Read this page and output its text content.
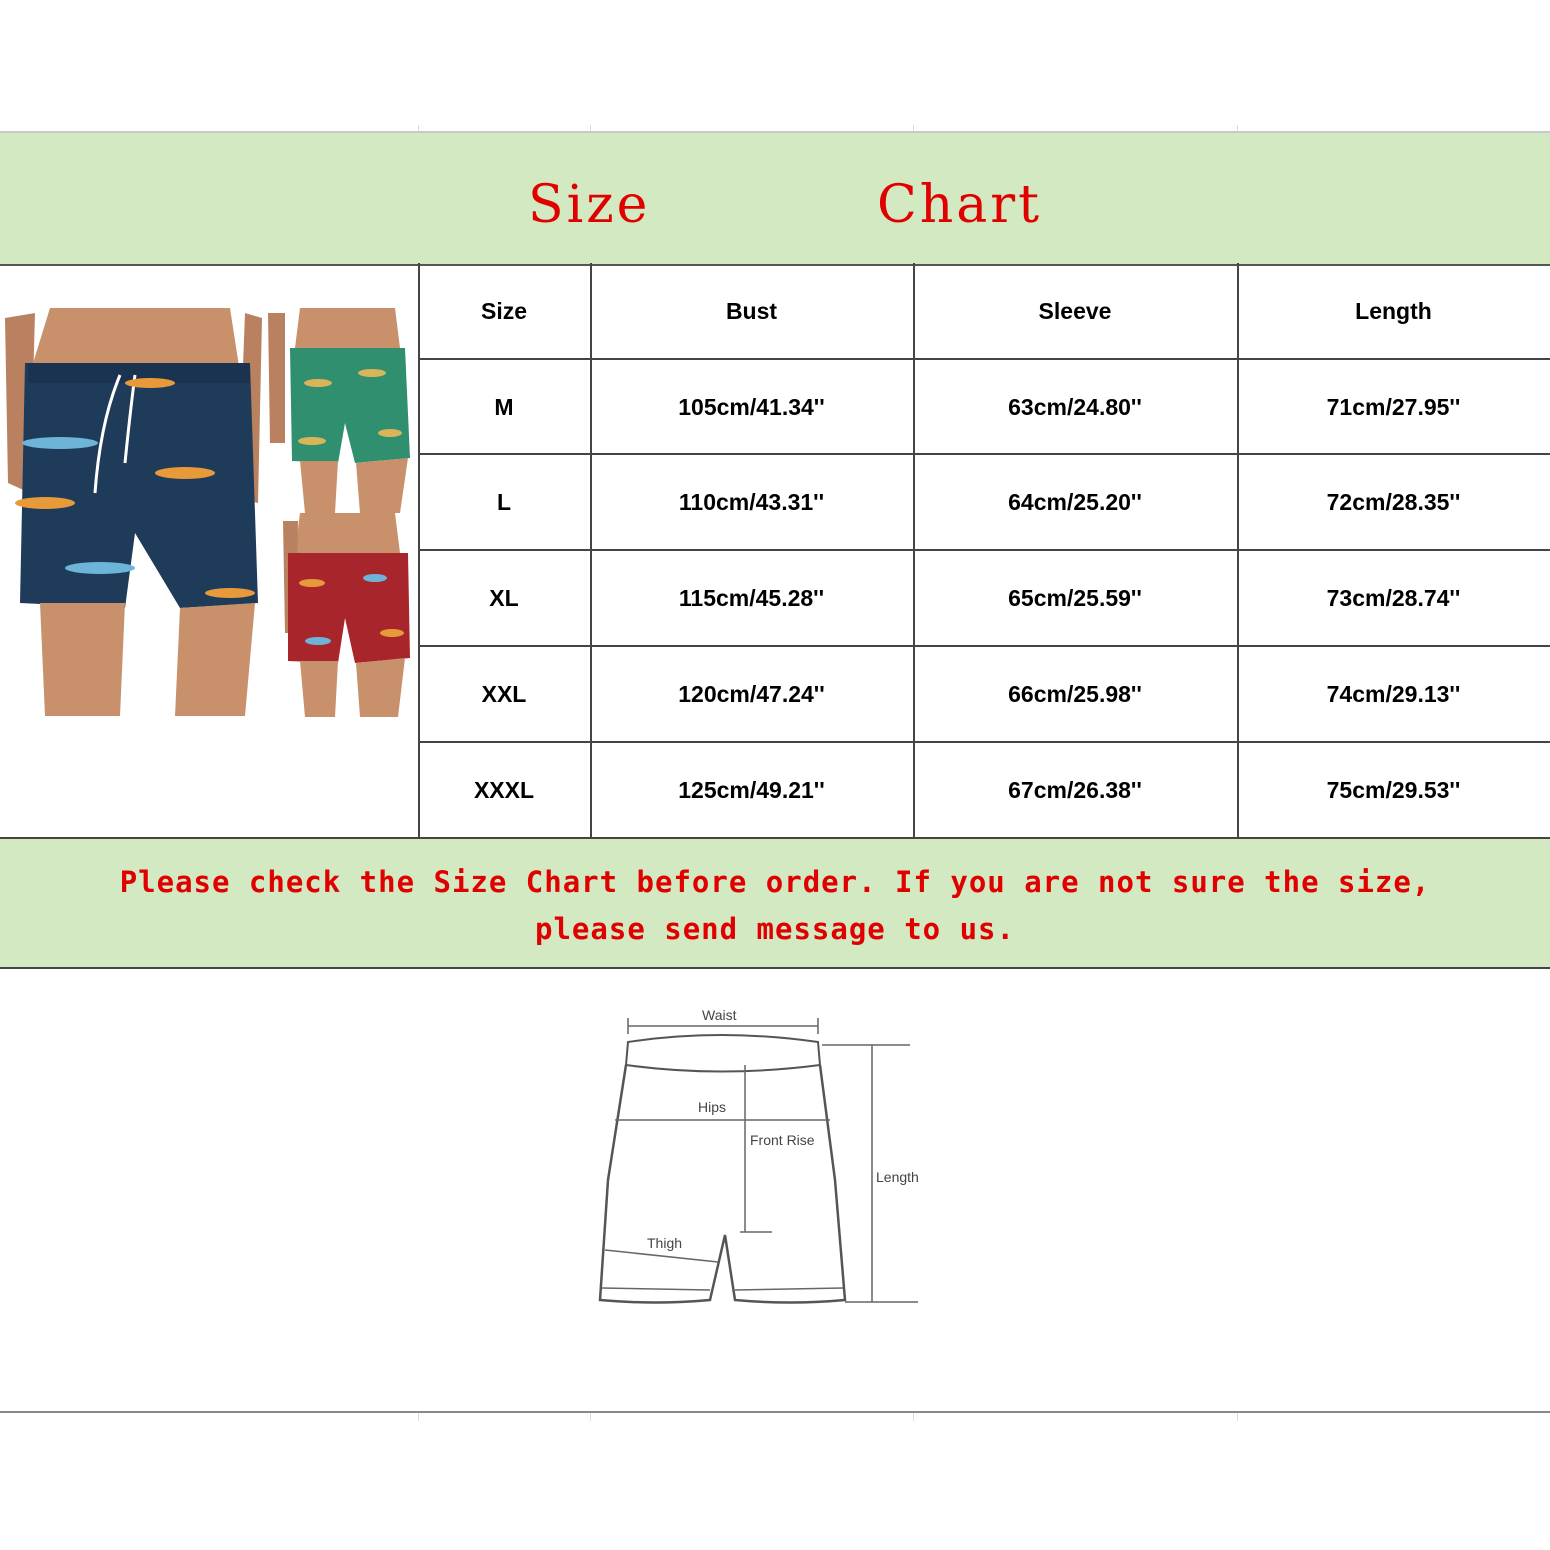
Size	Chart
Size	Bust	Sleeve	Length
M	105cm/41.34''	63cm/24.80''	71cm/27.95''
L	110cm/43.31''	64cm/25.20''	72cm/28.35''
XL	115cm/45.28''	65cm/25.59''	73cm/28.74''
XXL	120cm/47.24''	66cm/25.98''	74cm/29.13''
XXXL	125cm/49.21''	67cm/26.38''	75cm/29.53''
Please check the Size Chart before order. If you are not sure the size,
please send message to us.
Waist
Hips
Front Rise
Length
Thigh
